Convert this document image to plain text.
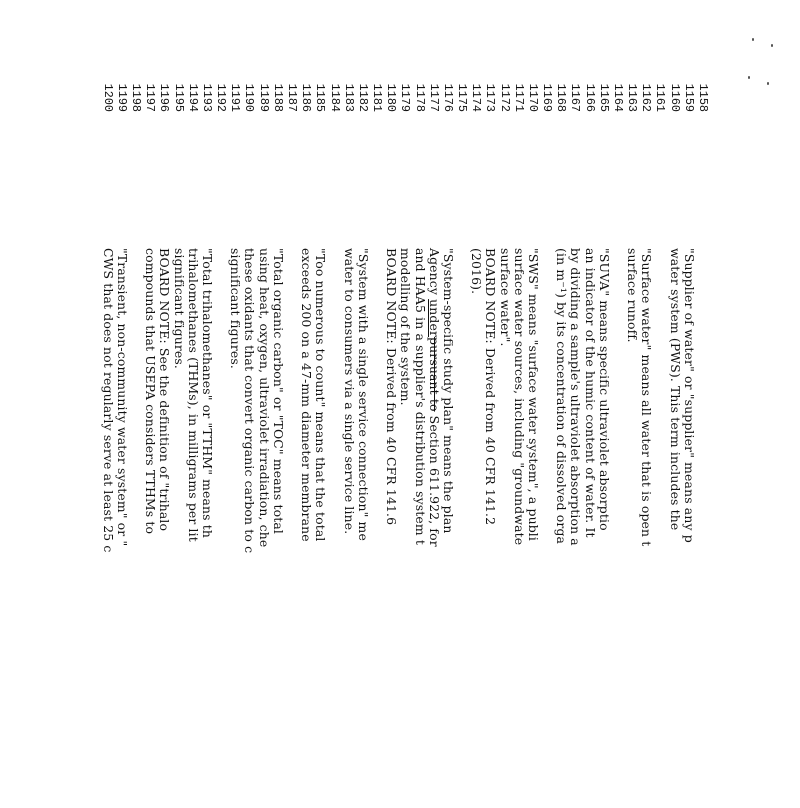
1158
1159
1160
1161
1162
1163
1164
1165
1166
1167
1168
1169
1170
1171
1172
1173
1174
1175
1176
1177
1178
1179
1180
1181
1182
1183
1184
1185
1186
1187
1188
1189
1190
1191
1192
1193
1194
1195
1196
1197
1198
1199
1200
"Supplier of water" or "supplier" means any p
water system (PWS). This term includes the
"Surface water" means all water that is open t
surface runoff.
"SUVA" means specific ultraviolet absorptio
an indicator of the humic content of water. It
by dividing a sample's ultraviolet absorption a
(in m⁻¹) by its concentration of dissolved orga
"SWS" means "surface water system", a publi
surface water sources, including "groundwate
surface water".
BOARD NOTE: Derived from 40 CFR 141.2
(2016).
"System-specific study plan" means the plan
Agency underpursuant to Section 611.922, for
and HAA5 in a supplier's distribution system t
modelling of the system.
BOARD NOTE: Derived from 40 CFR 141.6
"System with a single service connection" me
water to consumers via a single service line.
"Too numerous to count" means that the total
exceeds 200 on a 47-mm diameter membrane
"Total organic carbon" or "TOC" means total
using heat, oxygen, ultraviolet irradiation, che
these oxidants that convert organic carbon to c
significant figures.
"Total trihalomethanes" or "TTHM" means th
trihalomethanes (THMs), in milligrams per lit
significant figures.
BOARD NOTE: See the definition of "trihalo
compounds that USEPA considers TTHMs to
"Transient, non-community water system" or "
CWS that does not regularly serve at least 25 c
